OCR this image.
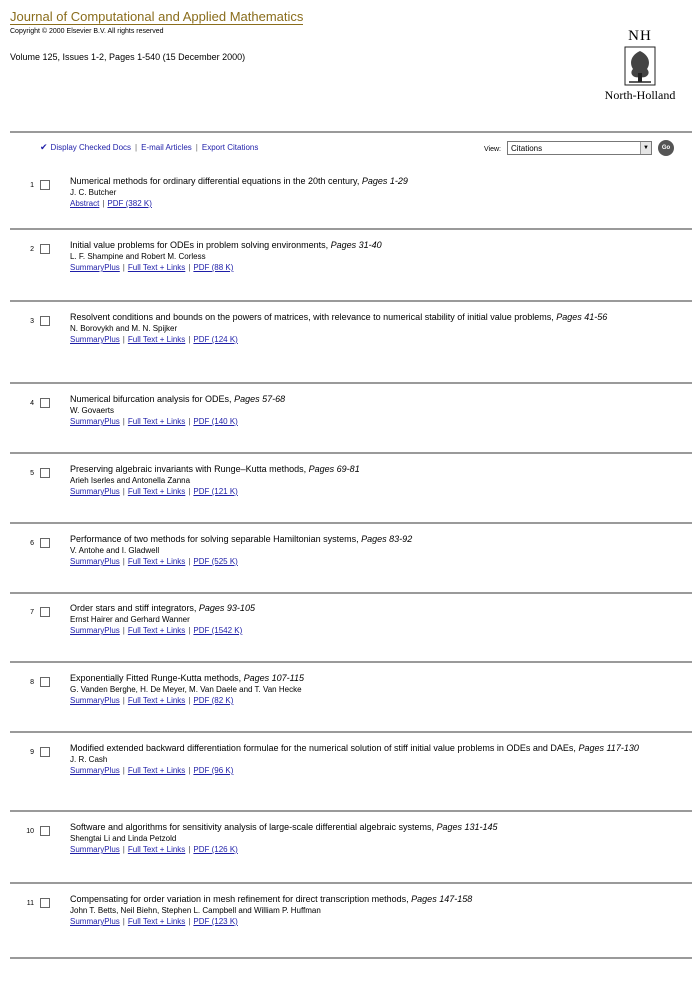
Journal of Computational and Applied Mathematics
Copyright © 2000 Elsevier B.V. All rights reserved
Volume 125, Issues 1-2, Pages 1-540 (15 December 2000)
NH
North-Holland
✔ Display Checked Docs | E-mail Articles | Export Citations	View:	Citations	▼	Go
1	Numerical methods for ordinary differential equations in the 20th century, Pages 1-29
J. C. Butcher
Abstract | PDF (382 K)
2	Initial value problems for ODEs in problem solving environments, Pages 31-40
L. F. Shampine and Robert M. Corless
SummaryPlus | Full Text + Links | PDF (88 K)
3	Resolvent conditions and bounds on the powers of matrices, with relevance to numerical stability of initial value problems, Pages 41-56
N. Borovykh and M. N. Spijker
SummaryPlus | Full Text + Links | PDF (124 K)
4	Numerical bifurcation analysis for ODEs, Pages 57-68
W. Govaerts
SummaryPlus | Full Text + Links | PDF (140 K)
5	Preserving algebraic invariants with Runge–Kutta methods, Pages 69-81
Arieh Iserles and Antonella Zanna
SummaryPlus | Full Text + Links | PDF (121 K)
6	Performance of two methods for solving separable Hamiltonian systems, Pages 83-92
V. Antohe and I. Gladwell
SummaryPlus | Full Text + Links | PDF (525 K)
7	Order stars and stiff integrators, Pages 93-105
Ernst Hairer and Gerhard Wanner
SummaryPlus | Full Text + Links | PDF (1542 K)
8	Exponentially Fitted Runge-Kutta methods, Pages 107-115
G. Vanden Berghe, H. De Meyer, M. Van Daele and T. Van Hecke
SummaryPlus | Full Text + Links | PDF (82 K)
9	Modified extended backward differentiation formulae for the numerical solution of stiff initial value problems in ODEs and DAEs, Pages 117-130
J. R. Cash
SummaryPlus | Full Text + Links | PDF (96 K)
10	Software and algorithms for sensitivity analysis of large-scale differential algebraic systems, Pages 131-145
Shengtai Li and Linda Petzold
SummaryPlus | Full Text + Links | PDF (126 K)
11	Compensating for order variation in mesh refinement for direct transcription methods, Pages 147-158
John T. Betts, Neil Biehn, Stephen L. Campbell and William P. Huffman
SummaryPlus | Full Text + Links | PDF (123 K)
